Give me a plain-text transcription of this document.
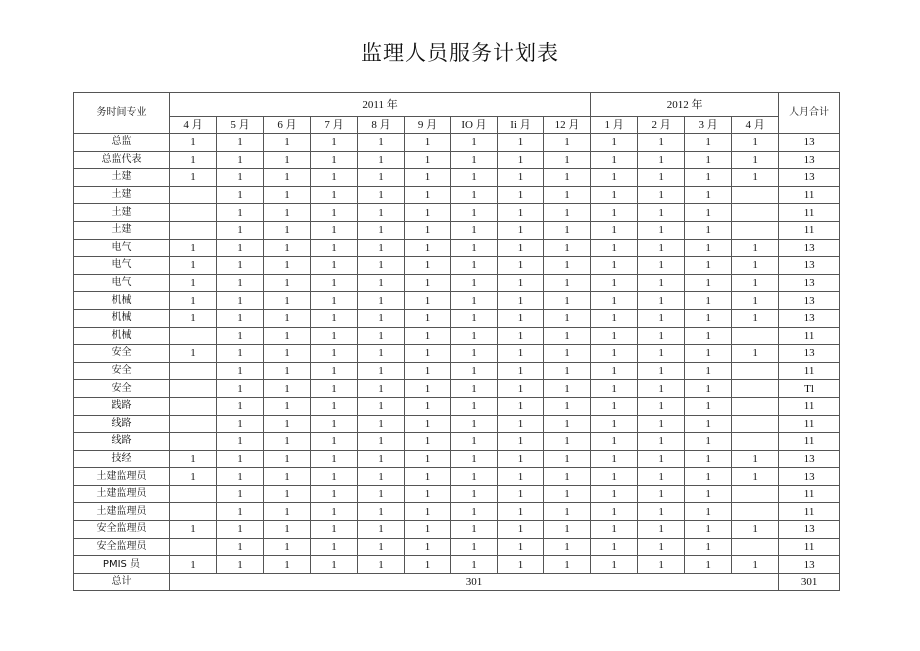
监理人员服务计划表
务时间专业	2011 年									2012 年				人月合计
	4 月	5 月	6 月	7 月	8 月	9 月	IO 月	Ii 月	12 月	1 月	2 月	3 月	4 月	
总监	1	1	1	1	1	1	1	1	1	1	1	1	1	13
总监代表	1	1	1	1	1	1	1	1	1	1	1	1	1	13
土建	1	1	1	1	1	1	1	1	1	1	1	1	1	13
土建		1	1	1	1	1	1	1	1	1	1	1		11
土建		1	1	1	1	1	1	1	1	1	1	1		11
土建		1	1	1	1	1	1	1	1	1	1	1		11
电气	1	1	1	1	1	1	1	1	1	1	1	1	1	13
电气	1	1	1	1	1	1	1	1	1	1	1	1	1	13
电气	1	1	1	1	1	1	1	1	1	1	1	1	1	13
机械	1	1	1	1	1	1	1	1	1	1	1	1	1	13
机械	1	1	1	1	1	1	1	1	1	1	1	1	1	13
机械		1	1	1	1	1	1	1	1	1	1	1		11
安全	1	1	1	1	1	1	1	1	1	1	1	1	1	13
安全		1	1	1	1	1	1	1	1	1	1	1		11
安全		1	1	1	1	1	1	1	1	1	1	1		Tl
践路		1	1	1	1	1	1	1	1	1	1	1		11
线路		1	1	1	1	1	1	1	1	1	1	1		11
线路		1	1	1	1	1	1	1	1	1	1	1		11
技经	1	1	1	1	1	1	1	1	1	1	1	1	1	13
土建监理员	1	1	1	1	1	1	1	1	1	1	1	1	1	13
土建监理员		1	1	1	1	1	1	1	1	1	1	1		11
土建监理员		1	1	1	1	1	1	1	1	1	1	1		11
安全监理员	1	1	1	1	1	1	1	1	1	1	1	1	1	13
安全监理员		1	1	1	1	1	1	1	1	1	1	1		11
PMIS 员	1	1	1	1	1	1	1	1	1	1	1	1	1	13
总计	301													301
